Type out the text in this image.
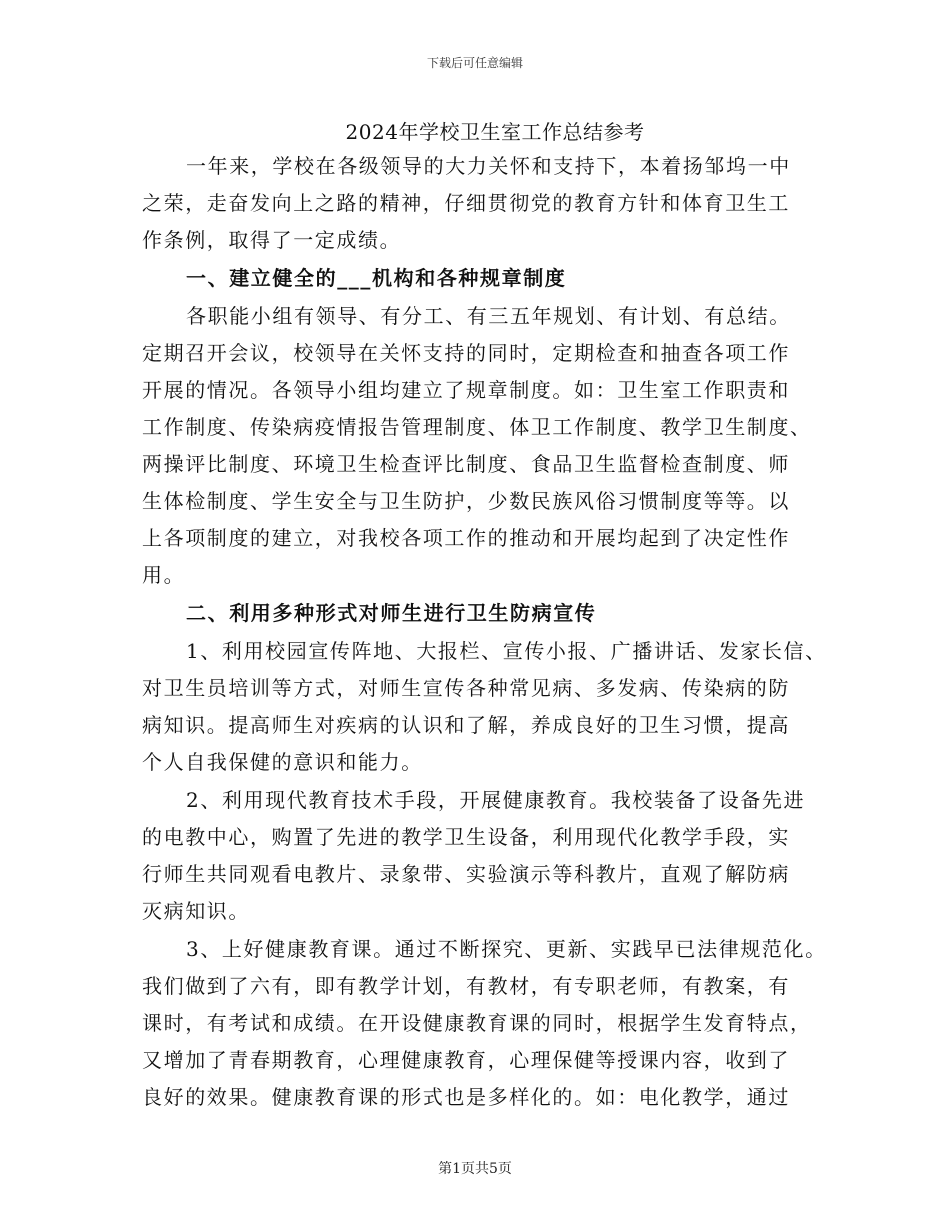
下载后可任意编辑
2024年学校卫生室工作总结参考
一年来，学校在各级领导的大力关怀和支持下，本着扬邹坞一中
之荣，走奋发向上之路的精神，仔细贯彻党的教育方针和体育卫生工
作条例，取得了一定成绩。
一、建立健全的___机构和各种规章制度
各职能小组有领导、有分工、有三五年规划、有计划、有总结。
定期召开会议，校领导在关怀支持的同时，定期检查和抽查各项工作
开展的情况。各领导小组均建立了规章制度。如：卫生室工作职责和
工作制度、传染病疫情报告管理制度、体卫工作制度、教学卫生制度、
两操评比制度、环境卫生检查评比制度、食品卫生监督检查制度、师
生体检制度、学生安全与卫生防护，少数民族风俗习惯制度等等。以
上各项制度的建立，对我校各项工作的推动和开展均起到了决定性作
用。
二、利用多种形式对师生进行卫生防病宣传
1、利用校园宣传阵地、大报栏、宣传小报、广播讲话、发家长信、
对卫生员培训等方式，对师生宣传各种常见病、多发病、传染病的防
病知识。提高师生对疾病的认识和了解，养成良好的卫生习惯，提高
个人自我保健的意识和能力。
2、利用现代教育技术手段，开展健康教育。我校装备了设备先进
的电教中心，购置了先进的教学卫生设备，利用现代化教学手段，实
行师生共同观看电教片、录象带、实验演示等科教片，直观了解防病
灭病知识。
3、上好健康教育课。通过不断探究、更新、实践早已法律规范化。
我们做到了六有，即有教学计划，有教材，有专职老师，有教案，有
课时，有考试和成绩。在开设健康教育课的同时，根据学生发育特点，
又增加了青春期教育，心理健康教育，心理保健等授课内容，收到了
良好的效果。健康教育课的形式也是多样化的。如：电化教学，通过
第1页共5页
